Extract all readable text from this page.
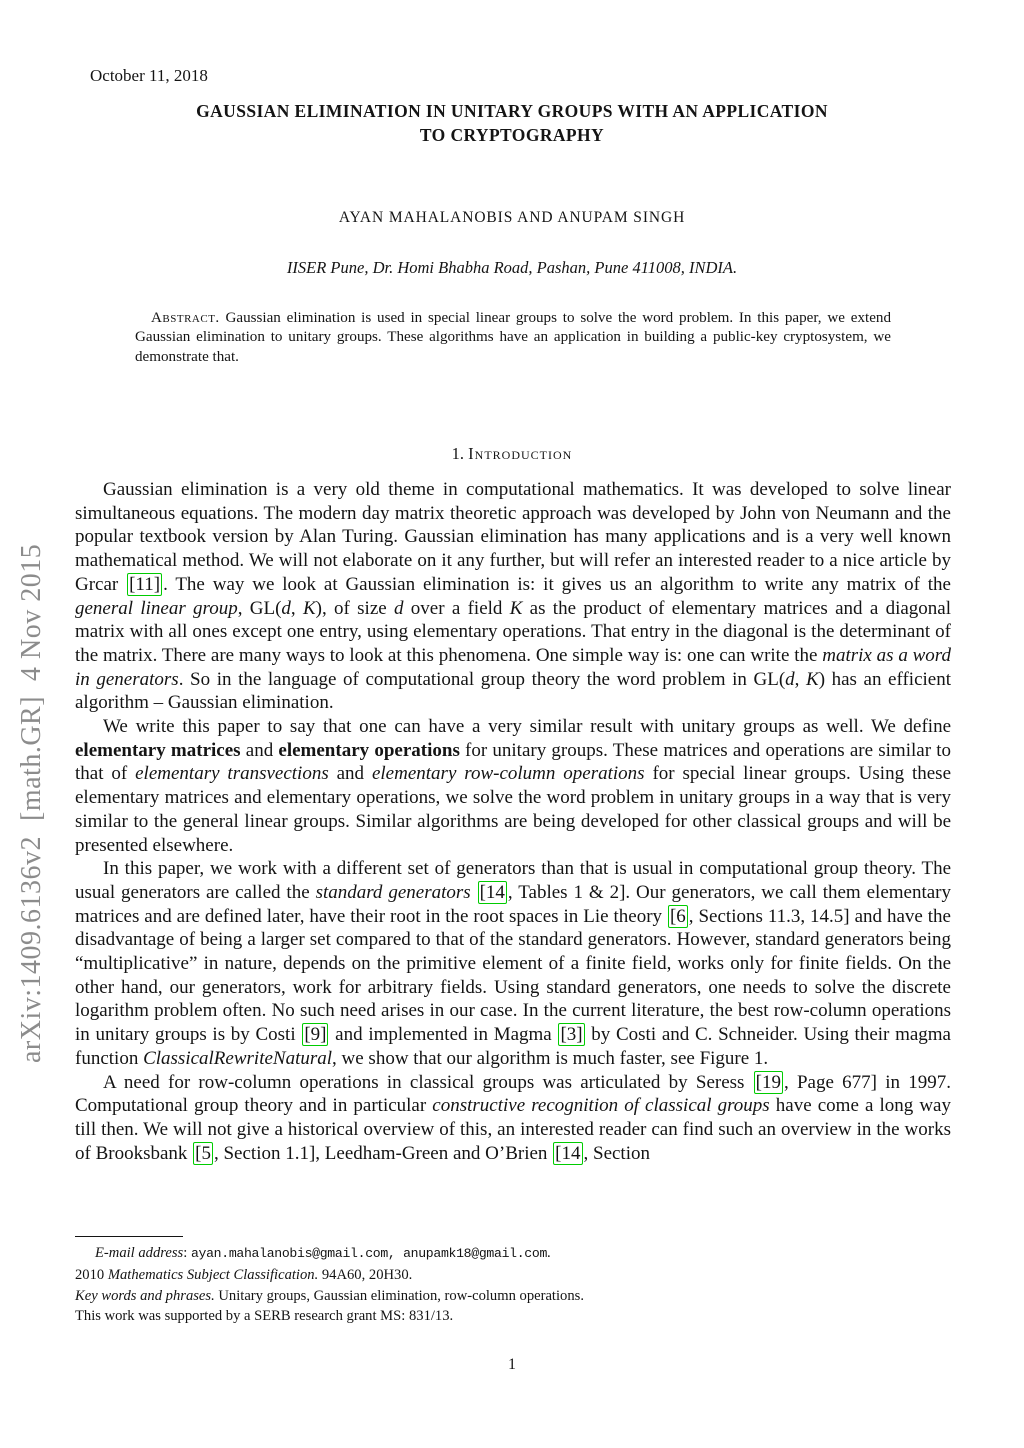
arXiv:1409.6136v2  [math.GR]  4 Nov 2015
October 11, 2018
GAUSSIAN ELIMINATION IN UNITARY GROUPS WITH AN APPLICATION
TO CRYPTOGRAPHY
AYAN MAHALANOBIS AND ANUPAM SINGH
IISER Pune, Dr. Homi Bhabha Road, Pashan, Pune 411008, INDIA.
Abstract. Gaussian elimination is used in special linear groups to solve the word problem. In this paper, we extend Gaussian elimination to unitary groups. These algorithms have an application in building a public-key cryptosystem, we demonstrate that.
1. Introduction

Gaussian elimination is a very old theme in computational mathematics. It was developed to solve linear simultaneous equations. The modern day matrix theoretic approach was developed by John von Neumann and the popular textbook version by Alan Turing. Gaussian elimination has many applications and is a very well known mathematical method. We will not elaborate on it any further, but will refer an interested reader to a nice article by Grcar [11] . The way we look at Gaussian elimination is: it gives us an algorithm to write any matrix of the general linear group, GL(d, K), of size d over a field K as the product of elementary matrices and a diagonal matrix with all ones except one entry, using elementary operations. That entry in the diagonal is the determinant of the matrix. There are many ways to look at this phenomena. One simple way is: one can write the matrix as a word in generators. So in the language of computational group theory the word problem in GL(d, K) has an efficient algorithm – Gaussian elimination.

We write this paper to say that one can have a very similar result with unitary groups as well. We define elementary matrices and elementary operations for unitary groups. These matrices and operations are similar to that of elementary transvections and elementary row-column operations for special linear groups. Using these elementary matrices and elementary operations, we solve the word problem in unitary groups in a way that is very similar to the general linear groups. Similar algorithms are being developed for other classical groups and will be presented elsewhere.

In this paper, we work with a different set of generators than that is usual in computational group theory. The usual generators are called the standard generators [14 , Tables 1 & 2]. Our generators, we call them elementary matrices and are defined later, have their root in the root spaces in Lie theory [6 , Sections 11.3, 14.5] and have the disadvantage of being a larger set compared to that of the standard generators. However, standard generators being “multiplicative” in nature, depends on the primitive element of a finite field, works only for finite fields. On the other hand, our generators, work for arbitrary fields. Using standard generators, one needs to solve the discrete logarithm problem often. No such need arises in our case. In the current literature, the best row-column operations in unitary groups is by Costi [9] and implemented in Magma [3] by Costi and C. Schneider. Using their magma function ClassicalRewriteNatural, we show that our algorithm is much faster, see Figure 1.

A need for row-column operations in classical groups was articulated by Seress [19 , Page 677] in 1997. Computational group theory and in particular constructive recognition of classical groups have come a long way till then. We will not give a historical overview of this, an interested reader can find such an overview in the works of Brooksbank [5 , Section 1.1], Leedham-Green and O’Brien [14 , Section

E-mail address: ayan.mahalanobis@gmail.com, anupamk18@gmail.com.
2010 Mathematics Subject Classification. 94A60, 20H30.
Key words and phrases. Unitary groups, Gaussian elimination, row-column operations.
This work was supported by a SERB research grant MS: 831/13.
1
